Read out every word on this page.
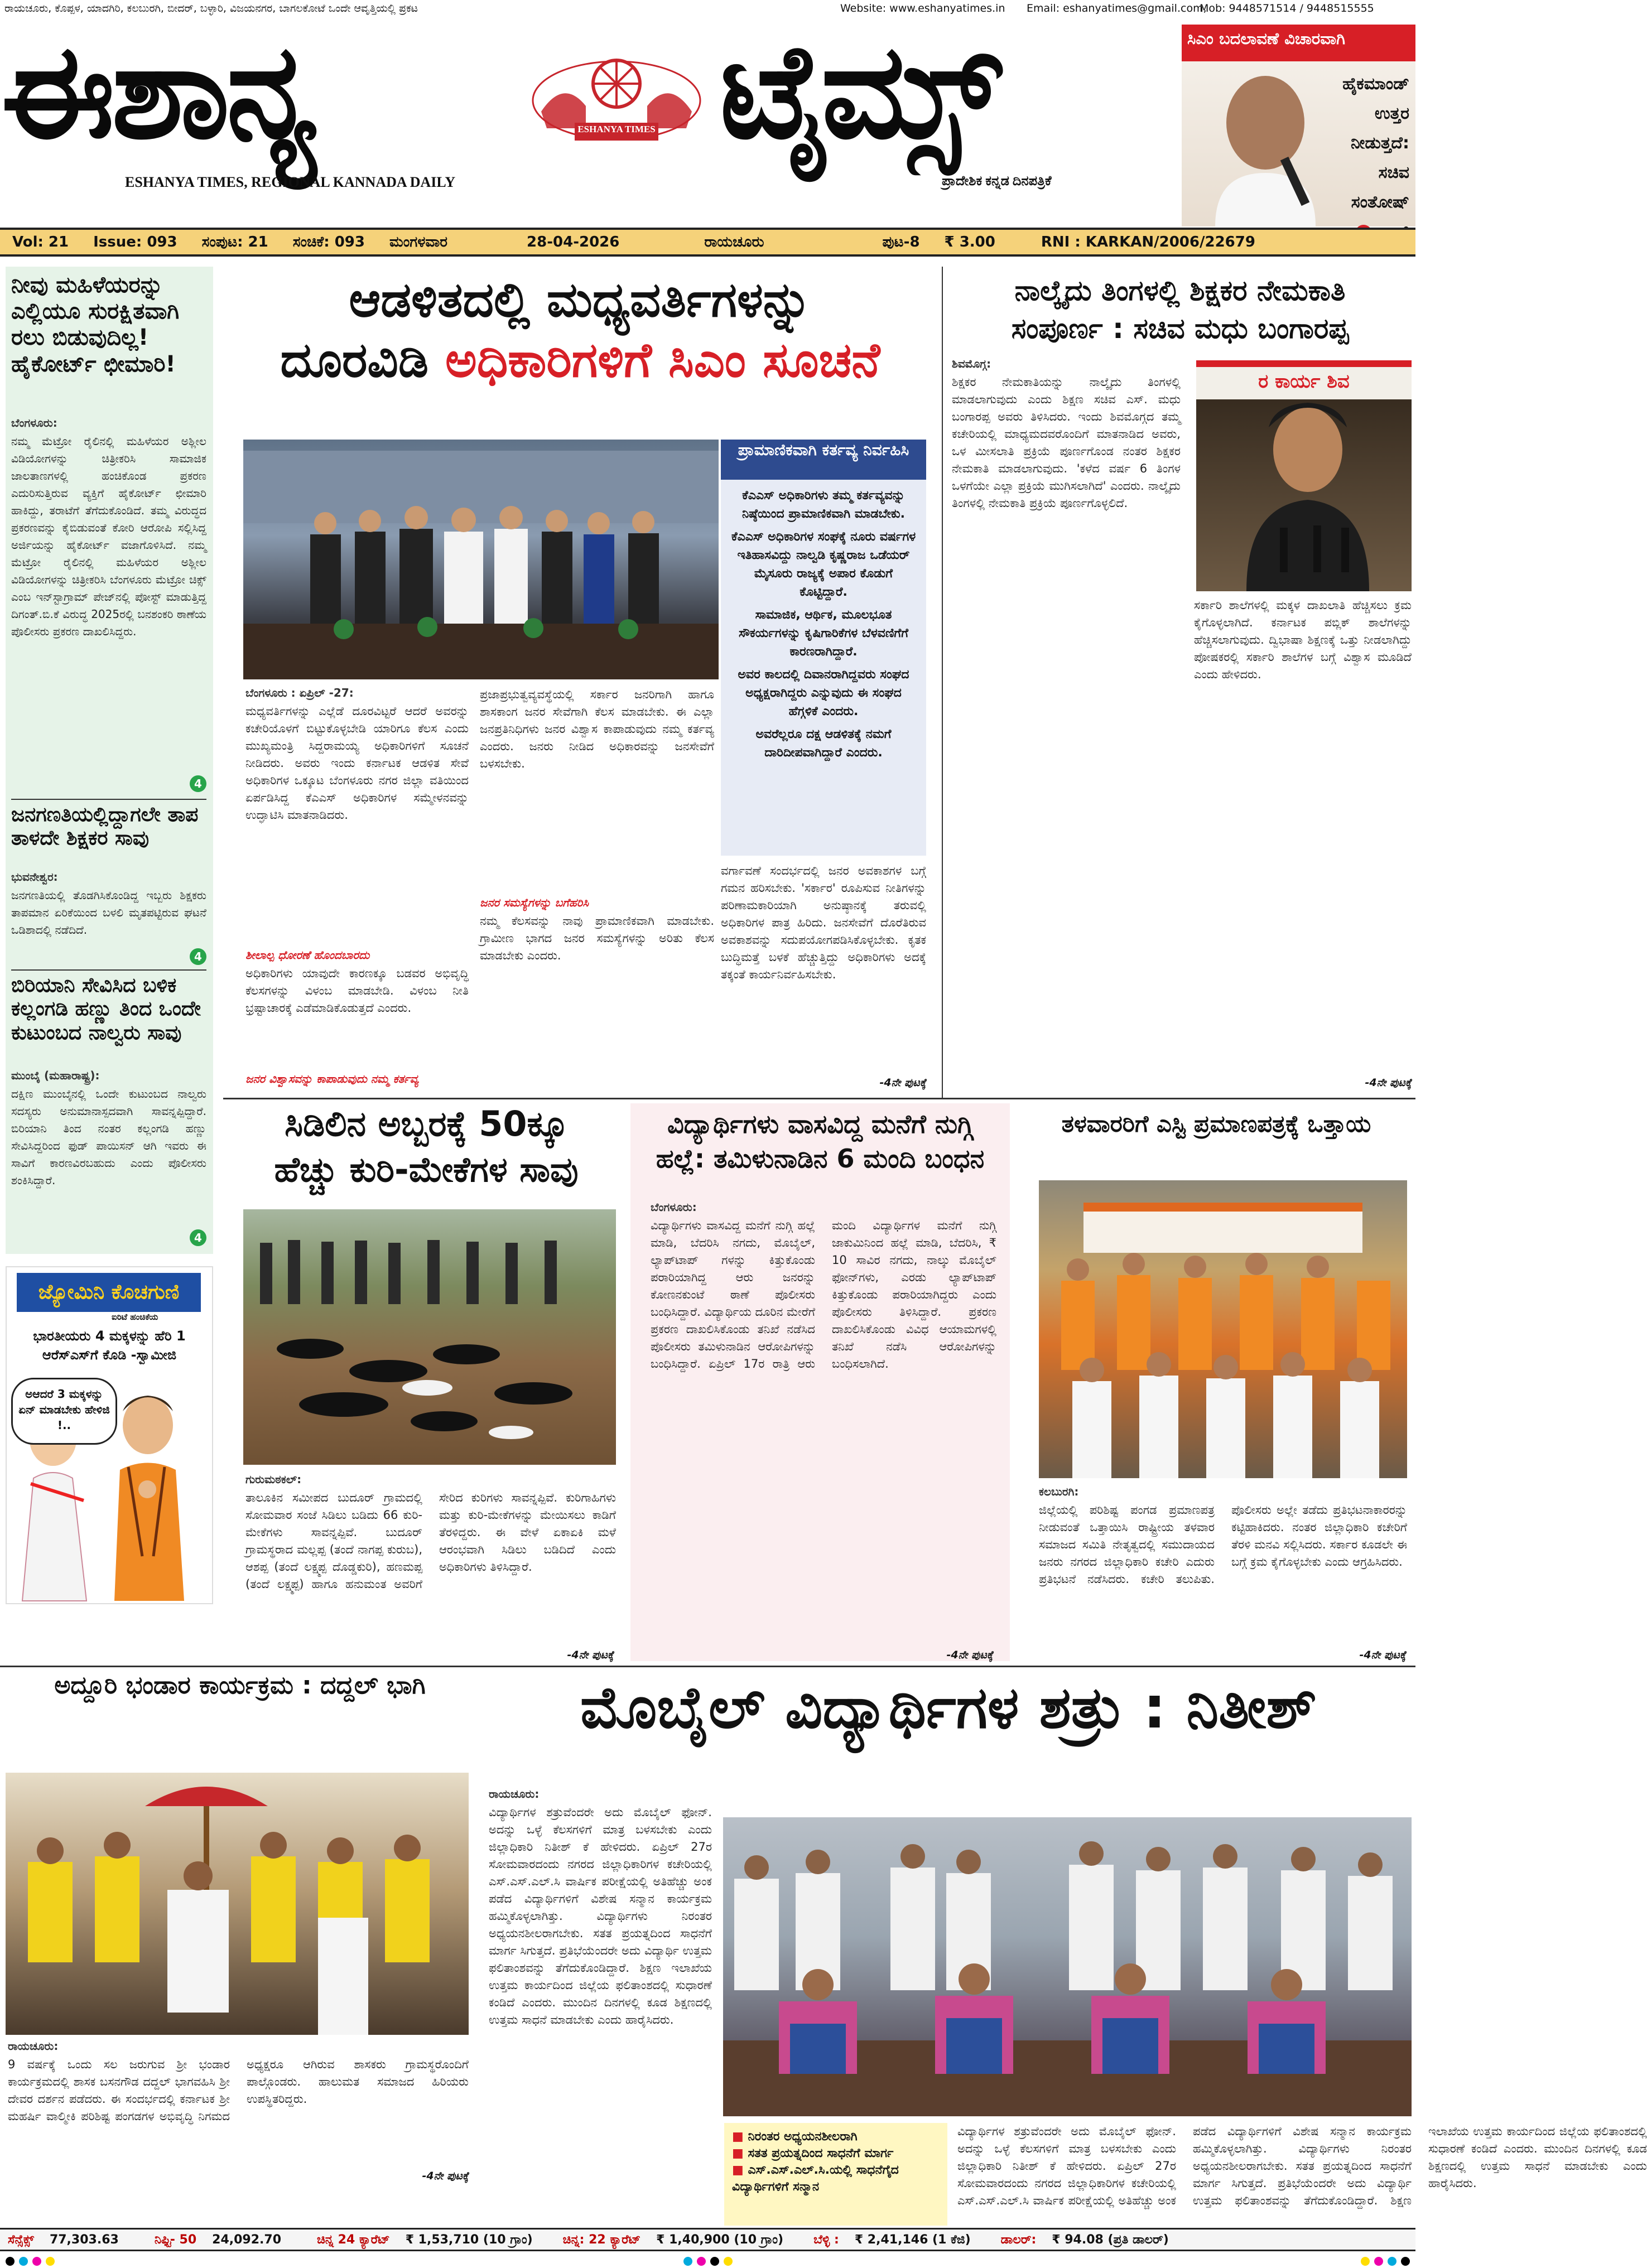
ರಾಯಚೂರು, ಕೊಪ್ಪಳ, ಯಾದಗಿರಿ, ಕಲಬುರಗಿ, ಬೀದರ್, ಬಳ್ಳಾರಿ, ವಿಜಯನಗರ, ಬಾಗಲಕೋಟೆ ಒಂದೇ ಆವೃತ್ತಿಯಲ್ಲಿ ಪ್ರಕಟ	Website: www.eshanyatimes.in Email: eshanyatimes@gmail.com,
Mob: 9448571514 / 9448515555
ಈಶಾನ್ಯ	ESHANYA TIMES ಟೈಮ್ಸ್
ESHANYA TIMES, REGIONAL KANNADA DAILY	ಪ್ರಾದೇಶಿಕ ಕನ್ನಡ ದಿನಪತ್ರಿಕೆ
ಸಿಎಂ ಬದಲಾವಣೆ ವಿಚಾರವಾಗಿ
ಹೈಕಮಾಂಡ್
ಉತ್ತರ
ನೀಡುತ್ತದೆ:
ಸಚಿವ
ಸಂತೋಷ್
Vol: 21	Issue: 093	ಸಂಪುಟ: 21	ಸಂಚಿಕೆ: 093	ಮಂಗಳವಾರ	28-04-2026	ರಾಯಚೂರು	ಪುಟ-8	₹ 3.00	RNI : KARKAN/2006/22679
ನೀವು ಮಹಿಳೆಯರನ್ನು ಎಲ್ಲಿಯೂ ಸುರಕ್ಷಿತವಾಗಿ ರಲು ಬಿಡುವುದಿಲ್ಲ! ಹೈಕೋರ್ಟ್ ಛೀಮಾರಿ!
ಬೆಂಗಳೂರು:
ನಮ್ಮ ಮೆಟ್ರೋ ರೈಲಿನಲ್ಲಿ ಮಹಿಳೆಯರ ಅಶ್ಲೀಲ ವಿಡಿಯೋಗಳನ್ನು ಚಿತ್ರೀಕರಿಸಿ ಸಾಮಾಜಿಕ ಜಾಲತಾಣಗಳಲ್ಲಿ ಹಂಚಿಕೊಂಡ ಪ್ರಕರಣ ಎದುರಿಸುತ್ತಿರುವ ವ್ಯಕ್ತಿಗೆ ಹೈಕೋರ್ಟ್ ಛೀಮಾರಿ ಹಾಕಿದ್ದು, ತರಾಟೆಗೆ ತೆಗೆದುಕೊಂಡಿದೆ. ತಮ್ಮ ವಿರುದ್ಧದ ಪ್ರಕರಣವನ್ನು ಕೈಬಿಡುವಂತೆ ಕೋರಿ ಆರೋಪಿ ಸಲ್ಲಿಸಿದ್ದ ಅರ್ಜಿಯನ್ನು ಹೈಕೋರ್ಟ್ ವಜಾಗೊಳಿಸಿದೆ. ನಮ್ಮ ಮೆಟ್ರೋ ರೈಲಿನಲ್ಲಿ ಮಹಿಳೆಯರ ಅಶ್ಲೀಲ ವಿಡಿಯೋಗಳನ್ನು ಚಿತ್ರೀಕರಿಸಿ ಬೆಂಗಳೂರು ಮೆಟ್ರೋ ಚಿಕ್ಸ್ ಎಂಬ ಇನ್‌ಸ್ಟಾಗ್ರಾಮ್ ಪೇಜ್‌ನಲ್ಲಿ ಪೋಸ್ಟ್ ಮಾಡುತ್ತಿದ್ದ ದಿಗಂತ್.ಬಿ.ಕೆ ವಿರುದ್ಧ 2025ರಲ್ಲಿ ಬನಶಂಕರಿ ಠಾಣೆಯ ಪೊಲೀಸರು ಪ್ರಕರಣ ದಾಖಲಿಸಿದ್ದರು.
4
ಜನಗಣತಿಯಲ್ಲಿದ್ದಾಗಲೇ ತಾಪ ತಾಳದೇ ಶಿಕ್ಷಕರ ಸಾವು
ಭುವನೇಶ್ವರ:
ಜನಗಣತಿಯಲ್ಲಿ ತೊಡಗಿಸಿಕೊಂಡಿದ್ದ ಇಬ್ಬರು ಶಿಕ್ಷಕರು ತಾಪಮಾನ ಏರಿಕೆಯಿಂದ ಬಳಲಿ ಮೃತಪಟ್ಟಿರುವ ಘಟನೆ ಒಡಿಶಾದಲ್ಲಿ ನಡೆದಿದೆ.
4
ಬಿರಿಯಾನಿ ಸೇವಿಸಿದ ಬಳಿಕ ಕಲ್ಲಂಗಡಿ ಹಣ್ಣು ತಿಂದ ಒಂದೇ ಕುಟುಂಬದ ನಾಲ್ವರು ಸಾವು
ಮುಂಬೈ (ಮಹಾರಾಷ್ಟ್ರ):
ದಕ್ಷಿಣ ಮುಂಬೈನಲ್ಲಿ ಒಂದೇ ಕುಟುಂಬದ ನಾಲ್ವರು ಸದಸ್ಯರು ಅನುಮಾನಾಸ್ಪದವಾಗಿ ಸಾವನ್ನಪ್ಪಿದ್ದಾರೆ. ಬಿರಿಯಾನಿ ತಿಂದ ನಂತರ ಕಲ್ಲಂಗಡಿ ಹಣ್ಣು ಸೇವಿಸಿದ್ದರಿಂದ ಫುಡ್ ಪಾಯಿಸನ್ ಆಗಿ ಇವರು ಈ ಸಾವಿಗೆ ಕಾರಣವಿರಬಹುದು ಎಂದು ಪೊಲೀಸರು ಶಂಕಿಸಿದ್ದಾರೆ.
4
ಜ್ಯೋಮಿನಿ ಕೊಚಗುಣಿ
ಐರಿಟೆ ಹಂಚಿಕೆಯ
ಭಾರತೀಯರು 4 ಮಕ್ಕಳನ್ನು ಹೆರಿ 1 ಆರೆಸ್‌ಎಸ್‌ಗೆ ಕೊಡಿ -ಸ್ವಾಮೀಜಿ
ಅಆದರೆ 3 ಮಕ್ಕಳನ್ನು ಏನ್ ಮಾಡಬೇಕು ಹೇಳಿಜಿ !..
ಆಡಳಿತದಲ್ಲಿ ಮಧ್ಯವರ್ತಿಗಳನ್ನು
ದೂರವಿಡಿ ಅಧಿಕಾರಿಗಳಿಗೆ ಸಿಎಂ ಸೂಚನೆ
ಪ್ರಾಮಾಣಿಕವಾಗಿ ಕರ್ತವ್ಯ ನಿರ್ವಹಿಸಿ

ಕೆಎಎಸ್ ಅಧಿಕಾರಿಗಳು ತಮ್ಮ ಕರ್ತವ್ಯವನ್ನು ನಿಷ್ಠೆಯಿಂದ ಪ್ರಾಮಾಣಿಕವಾಗಿ ಮಾಡಬೇಕು.

ಕೆಎಎಸ್ ಅಧಿಕಾರಿಗಳ ಸಂಘಕ್ಕೆ ನೂರು ವರ್ಷಗಳ ಇತಿಹಾಸವಿದ್ದು ನಾಲ್ವಡಿ ಕೃಷ್ಣರಾಜ ಒಡೆಯರ್ ಮೈಸೂರು ರಾಜ್ಯಕ್ಕೆ ಅಪಾರ ಕೊಡುಗೆ ಕೊಟ್ಟಿದ್ದಾರೆ.

ಸಾಮಾಜಿಕ, ಆರ್ಥಿಕ, ಮೂಲಭೂತ ಸೌಕರ್ಯಗಳನ್ನು ಕೃಷಿಗಾರಿಕೆಗಳ ಬೆಳವಣಿಗೆಗೆ ಕಾರಣರಾಗಿದ್ದಾರೆ.

ಅವರ ಕಾಲದಲ್ಲಿ ದಿವಾನರಾಗಿದ್ದವರು ಸಂಘದ ಅಧ್ಯಕ್ಷರಾಗಿದ್ದರು ಎನ್ನುವುದು ಈ ಸಂಘದ ಹೆಗ್ಗಳಿಕೆ ಎಂದರು.

ಅವರೆಲ್ಲರೂ ದಕ್ಷ ಆಡಳಿತಕ್ಕೆ ನಮಗೆ ದಾರಿದೀಪವಾಗಿದ್ದಾರೆ ಎಂದರು.

ಬೆಂಗಳೂರು : ಏಪ್ರಿಲ್ -27:
ಮಧ್ಯವರ್ತಿಗಳನ್ನು ಎಲ್ಲೆಡೆ ದೂರವಿಟ್ಟರೆ ಆದರೆ ಅವರನ್ನು ಕಚೇರಿಯೊಳಗೆ ಬಿಟ್ಟುಕೊಳ್ಳಬೇಡಿ ಯಾರಿಗೂ ಕೆಲಸ ಎಂದು ಮುಖ್ಯಮಂತ್ರಿ ಸಿದ್ದರಾಮಯ್ಯ ಅಧಿಕಾರಿಗಳಿಗೆ ಸೂಚನೆ ನೀಡಿದರು. ಅವರು ಇಂದು ಕರ್ನಾಟಕ ಆಡಳಿತ ಸೇವೆ ಅಧಿಕಾರಿಗಳ ಒಕ್ಕೂಟ ಬೆಂಗಳೂರು ನಗರ ಜಿಲ್ಲಾ ವತಿಯಿಂದ ಏರ್ಪಡಿಸಿದ್ದ ಕೆಎಎಸ್ ಅಧಿಕಾರಿಗಳ ಸಮ್ಮೇಳನವನ್ನು ಉದ್ಘಾಟಿಸಿ ಮಾತನಾಡಿದರು.
ಶೀಲಾಲ್ಪ ಧೋರಣೆ ಹೊಂದಬಾರದು
ಅಧಿಕಾರಿಗಳು ಯಾವುದೇ ಕಾರಣಕ್ಕೂ ಬಡವರ ಅಭಿವೃದ್ಧಿ ಕೆಲಸಗಳನ್ನು ವಿಳಂಬ ಮಾಡಬೇಡಿ. ವಿಳಂಬ ನೀತಿ ಭ್ರಷ್ಟಾಚಾರಕ್ಕೆ ಎಡೆಮಾಡಿಕೊಡುತ್ತದೆ ಎಂದರು.
ಜನರ ವಿಶ್ವಾಸವನ್ನು ಕಾಪಾಡುವುದು ನಮ್ಮ ಕರ್ತವ್ಯ
ಪ್ರಜಾಪ್ರಭುತ್ವವ್ಯವಸ್ಥೆಯಲ್ಲಿ ಸರ್ಕಾರ ಜನರಿಗಾಗಿ ಹಾಗೂ ಶಾಸಕಾಂಗ ಜನರ ಸೇವೆಗಾಗಿ ಕೆಲಸ ಮಾಡಬೇಕು. ಈ ಎಲ್ಲಾ ಜನಪ್ರತಿನಿಧಿಗಳು ಜನರ ವಿಶ್ವಾಸ ಕಾಪಾಡುವುದು ನಮ್ಮ ಕರ್ತವ್ಯ ಎಂದರು. ಜನರು ನೀಡಿದ ಅಧಿಕಾರವನ್ನು ಜನಸೇವೆಗೆ ಬಳಸಬೇಕು.
ಜನರ ಸಮಸ್ಯೆಗಳನ್ನು ಬಗೆಹರಿಸಿ
ನಮ್ಮ ಕೆಲಸವನ್ನು ನಾವು ಪ್ರಾಮಾಣಿಕವಾಗಿ ಮಾಡಬೇಕು. ಗ್ರಾಮೀಣ ಭಾಗದ ಜನರ ಸಮಸ್ಯೆಗಳನ್ನು ಅರಿತು ಕೆಲಸ ಮಾಡಬೇಕು ಎಂದರು.
ವರ್ಗಾವಣೆ ಸಂದರ್ಭದಲ್ಲಿ ಜನರ ಅವಕಾಶಗಳ ಬಗ್ಗೆ ಗಮನ ಹರಿಸಬೇಕು. 'ಸರ್ಕಾರ' ರೂಪಿಸುವ ನೀತಿಗಳನ್ನು ಪರಿಣಾಮಕಾರಿಯಾಗಿ ಅನುಷ್ಠಾನಕ್ಕೆ ತರುವಲ್ಲಿ ಅಧಿಕಾರಿಗಳ ಪಾತ್ರ ಹಿರಿದು. ಜನಸೇವೆಗೆ ದೊರೆತಿರುವ ಅವಕಾಶವನ್ನು ಸದುಪಯೋಗಪಡಿಸಿಕೊಳ್ಳಬೇಕು. ಕೃತಕ ಬುದ್ಧಿಮತ್ತೆ ಬಳಕೆ ಹೆಚ್ಚುತ್ತಿದ್ದು ಅಧಿಕಾರಿಗಳು ಅದಕ್ಕೆ ತಕ್ಕಂತೆ ಕಾರ್ಯನಿರ್ವಹಿಸಬೇಕು.
-4ನೇ ಪುಟಕ್ಕೆ
ನಾಲ್ಕೈದು ತಿಂಗಳಲ್ಲಿ ಶಿಕ್ಷಕರ ನೇಮಕಾತಿ
ಸಂಪೂರ್ಣ : ಸಚಿವ ಮಧು ಬಂಗಾರಪ್ಪ
ಶಿವಮೊಗ್ಗ:
ಶಿಕ್ಷಕರ ನೇಮಕಾತಿಯನ್ನು ನಾಲ್ಕೈದು ತಿಂಗಳಲ್ಲಿ ಮಾಡಲಾಗುವುದು ಎಂದು ಶಿಕ್ಷಣ ಸಚಿವ ಎಸ್. ಮಧು ಬಂಗಾರಪ್ಪ ಅವರು ತಿಳಿಸಿದರು. ಇಂದು ಶಿವಮೊಗ್ಗದ ತಮ್ಮ ಕಚೇರಿಯಲ್ಲಿ ಮಾಧ್ಯಮದವರೊಂದಿಗೆ ಮಾತನಾಡಿದ ಅವರು, ಒಳ ಮೀಸಲಾತಿ ಪ್ರಕ್ರಿಯೆ ಪೂರ್ಣಗೊಂಡ ನಂತರ ಶಿಕ್ಷಕರ ನೇಮಕಾತಿ ಮಾಡಲಾಗುವುದು. 'ಕಳೆದ ವರ್ಷ 6 ತಿಂಗಳ ಒಳಗೆಯೇ ಎಲ್ಲಾ ಪ್ರಕ್ರಿಯೆ ಮುಗಿಸಲಾಗಿದೆ' ಎಂದರು. ನಾಲ್ಕೈದು ತಿಂಗಳಲ್ಲಿ ನೇಮಕಾತಿ ಪ್ರಕ್ರಿಯೆ ಪೂರ್ಣಗೊಳ್ಳಲಿದೆ.
ರ ಕಾರ್ಯ ಶಿವ
ಸರ್ಕಾರಿ ಶಾಲೆಗಳಲ್ಲಿ ಮಕ್ಕಳ ದಾಖಲಾತಿ ಹೆಚ್ಚಿಸಲು ಕ್ರಮ ಕೈಗೊಳ್ಳಲಾಗಿದೆ. ಕರ್ನಾಟಕ ಪಬ್ಲಿಕ್ ಶಾಲೆಗಳನ್ನು ಹೆಚ್ಚಿಸಲಾಗುವುದು. ದ್ವಿಭಾಷಾ ಶಿಕ್ಷಣಕ್ಕೆ ಒತ್ತು ನೀಡಲಾಗಿದ್ದು ಪೋಷಕರಲ್ಲಿ ಸರ್ಕಾರಿ ಶಾಲೆಗಳ ಬಗ್ಗೆ ವಿಶ್ವಾಸ ಮೂಡಿದೆ ಎಂದು ಹೇಳಿದರು.
-4ನೇ ಪುಟಕ್ಕೆ
ಸಿಡಿಲಿನ ಅಬ್ಬರಕ್ಕೆ 50ಕ್ಕೂ
ಹೆಚ್ಚು ಕುರಿ-ಮೇಕೆಗಳ ಸಾವು
ಗುರುಮಠಕಲ್:
ತಾಲೂಕಿನ ಸಮೀಪದ ಬುದೂರ್ ಗ್ರಾಮದಲ್ಲಿ ಸೋಮವಾರ ಸಂಜೆ ಸಿಡಿಲು ಬಡಿದು 66 ಕುರಿ-ಮೇಕೆಗಳು ಸಾವನ್ನಪ್ಪಿವೆ. ಬುದೂರ್ ಗ್ರಾಮಸ್ಥರಾದ ಮಲ್ಲಪ್ಪ (ತಂದೆ ನಾಗಪ್ಪ ಕುರುಬ), ಆಶಪ್ಪ (ತಂದೆ ಲಕ್ಷ್ಮಪ್ಪ ದೊಡ್ಡಕುರಿ), ಹಣಮಪ್ಪ (ತಂದೆ ಲಕ್ಷ್ಮಪ್ಪ) ಹಾಗೂ ಹನುಮಂತ ಅವರಿಗೆ ಸೇರಿದ ಕುರಿಗಳು ಸಾವನ್ನಪ್ಪಿವೆ. ಕುರಿಗಾಹಿಗಳು ಮತ್ತು ಕುರಿ-ಮೇಕೆಗಳನ್ನು ಮೇಯಿಸಲು ಕಾಡಿಗೆ ತೆರಳಿದ್ದರು. ಈ ವೇಳೆ ಏಕಾಏಕಿ ಮಳೆ ಆರಂಭವಾಗಿ ಸಿಡಿಲು ಬಡಿದಿದೆ ಎಂದು ಅಧಿಕಾರಿಗಳು ತಿಳಿಸಿದ್ದಾರೆ.
-4ನೇ ಪುಟಕ್ಕೆ
ವಿದ್ಯಾರ್ಥಿಗಳು ವಾಸವಿದ್ದ ಮನೆಗೆ ನುಗ್ಗಿ
ಹಲ್ಲೆ: ತಮಿಳುನಾಡಿನ 6 ಮಂದಿ ಬಂಧನ
ಬೆಂಗಳೂರು:
ವಿದ್ಯಾರ್ಥಿಗಳು ವಾಸವಿದ್ದ ಮನೆಗೆ ನುಗ್ಗಿ ಹಲ್ಲೆ ಮಾಡಿ, ಬೆದರಿಸಿ ನಗದು, ಮೊಬೈಲ್, ಲ್ಯಾಪ್‌ಟಾಪ್ ಗಳನ್ನು ಕಿತ್ತುಕೊಂಡು ಪರಾರಿಯಾಗಿದ್ದ ಆರು ಜನರನ್ನು ಕೋಣನಕುಂಟೆ ಠಾಣೆ ಪೊಲೀಸರು ಬಂಧಿಸಿದ್ದಾರೆ. ವಿದ್ಯಾರ್ಥಿಯ ದೂರಿನ ಮೇರೆಗೆ ಪ್ರಕರಣ ದಾಖಲಿಸಿಕೊಂಡು ತನಿಖೆ ನಡೆಸಿದ ಪೊಲೀಸರು ತಮಿಳುನಾಡಿನ ಆರೋಪಿಗಳನ್ನು ಬಂಧಿಸಿದ್ದಾರೆ. ಏಪ್ರಿಲ್ 17ರ ರಾತ್ರಿ ಆರು ಮಂದಿ ವಿದ್ಯಾರ್ಥಿಗಳ ಮನೆಗೆ ನುಗ್ಗಿ ಜಾಕುಮಿನಿಂದ ಹಲ್ಲೆ ಮಾಡಿ, ಬೆದರಿಸಿ, ₹ 10 ಸಾವಿರ ನಗದು, ನಾಲ್ಕು ಮೊಬೈಲ್ ಫೋನ್‌ಗಳು, ಎರಡು ಲ್ಯಾಪ್‌ಟಾಪ್ ಕಿತ್ತುಕೊಂಡು ಪರಾರಿಯಾಗಿದ್ದರು ಎಂದು ಪೊಲೀಸರು ತಿಳಿಸಿದ್ದಾರೆ. ಪ್ರಕರಣ ದಾಖಲಿಸಿಕೊಂಡು ವಿವಿಧ ಆಯಾಮಗಳಲ್ಲಿ ತನಿಖೆ ನಡೆಸಿ ಆರೋಪಿಗಳನ್ನು ಬಂಧಿಸಲಾಗಿದೆ.
-4ನೇ ಪುಟಕ್ಕೆ
ತಳವಾರರಿಗೆ ಎಸ್ಟಿ ಪ್ರಮಾಣಪತ್ರಕ್ಕೆ ಒತ್ತಾಯ
ಕಲಬುರಗಿ:
ಜಿಲ್ಲೆಯಲ್ಲಿ ಪರಿಶಿಷ್ಟ ಪಂಗಡ ಪ್ರಮಾಣಪತ್ರ ನೀಡುವಂತೆ ಒತ್ತಾಯಿಸಿ ರಾಷ್ಟ್ರೀಯ ತಳವಾರ ಸಮಾಜದ ಸಮಿತಿ ನೇತೃತ್ವದಲ್ಲಿ ಸಮುದಾಯದ ಜನರು ನಗರದ ಜಿಲ್ಲಾಧಿಕಾರಿ ಕಚೇರಿ ಎದುರು ಪ್ರತಿಭಟನೆ ನಡೆಸಿದರು. ಕಚೇರಿ ತಲುಪಿತು. ಪೊಲೀಸರು ಅಲ್ಲೇ ತಡೆದು ಪ್ರತಿಭಟನಾಕಾರರನ್ನು ಕಟ್ಟಿಹಾಕಿದರು. ನಂತರ ಜಿಲ್ಲಾಧಿಕಾರಿ ಕಚೇರಿಗೆ ತೆರಳಿ ಮನವಿ ಸಲ್ಲಿಸಿದರು. ಸರ್ಕಾರ ಕೂಡಲೇ ಈ ಬಗ್ಗೆ ಕ್ರಮ ಕೈಗೊಳ್ಳಬೇಕು ಎಂದು ಆಗ್ರಹಿಸಿದರು.
-4ನೇ ಪುಟಕ್ಕೆ
ಅದ್ದೂರಿ ಭಂಡಾರ ಕಾರ್ಯಕ್ರಮ : ದದ್ದಲ್ ಭಾಗಿ
ರಾಯಚೂರು:
9 ವರ್ಷಕ್ಕೆ ಒಂದು ಸಲ ಜರುಗುವ ಶ್ರೀ ಭಂಡಾರ ಕಾರ್ಯಕ್ರಮದಲ್ಲಿ ಶಾಸಕ ಬಸನಗೌಡ ದದ್ದಲ್ ಭಾಗವಹಿಸಿ ಶ್ರೀ ದೇವರ ದರ್ಶನ ಪಡೆದರು. ಈ ಸಂದರ್ಭದಲ್ಲಿ ಕರ್ನಾಟಕ ಶ್ರೀ ಮಹರ್ಷಿ ವಾಲ್ಮೀಕಿ ಪರಿಶಿಷ್ಟ ಪಂಗಡಗಳ ಅಭಿವೃದ್ಧಿ ನಿಗಮದ ಅಧ್ಯಕ್ಷರೂ ಆಗಿರುವ ಶಾಸಕರು ಗ್ರಾಮಸ್ಥರೊಂದಿಗೆ ಪಾಲ್ಗೊಂಡರು. ಹಾಲುಮತ ಸಮಾಜದ ಹಿರಿಯರು ಉಪಸ್ಥಿತರಿದ್ದರು.
-4ನೇ ಪುಟಕ್ಕೆ
ಮೊಬೈಲ್ ವಿದ್ಯಾರ್ಥಿಗಳ ಶತ್ರು : ನಿತೀಶ್
ರಾಯಚೂರು:
ವಿದ್ಯಾರ್ಥಿಗಳ ಶತ್ರುವೆಂದರೇ ಅದು ಮೊಬೈಲ್ ಫೋನ್. ಅದನ್ನು ಒಳ್ಳೆ ಕೆಲಸಗಳಿಗೆ ಮಾತ್ರ ಬಳಸಬೇಕು ಎಂದು ಜಿಲ್ಲಾಧಿಕಾರಿ ನಿತೀಶ್ ಕೆ ಹೇಳಿದರು. ಏಪ್ರಿಲ್ 27ರ ಸೋಮವಾರದಂದು ನಗರದ ಜಿಲ್ಲಾಧಿಕಾರಿಗಳ ಕಚೇರಿಯಲ್ಲಿ ಎಸ್.ಎಸ್.ಎಲ್.ಸಿ ವಾರ್ಷಿಕ ಪರೀಕ್ಷೆಯಲ್ಲಿ ಅತಿಹೆಚ್ಚು ಅಂಕ ಪಡೆದ ವಿದ್ಯಾರ್ಥಿಗಳಿಗೆ ವಿಶೇಷ ಸನ್ಮಾನ ಕಾರ್ಯಕ್ರಮ ಹಮ್ಮಿಕೊಳ್ಳಲಾಗಿತ್ತು. ವಿದ್ಯಾರ್ಥಿಗಳು ನಿರಂತರ ಅಧ್ಯಯನಶೀಲರಾಗಬೇಕು. ಸತತ ಪ್ರಯತ್ನದಿಂದ ಸಾಧನೆಗೆ ಮಾರ್ಗ ಸಿಗುತ್ತದೆ. ಪ್ರತಿಭೆಯೆಂದರೇ ಅದು ವಿದ್ಯಾರ್ಥಿ ಉತ್ತಮ ಫಲಿತಾಂಶವನ್ನು ತೆಗೆದುಕೊಂಡಿದ್ದಾರೆ. ಶಿಕ್ಷಣ ಇಲಾಖೆಯ ಉತ್ತಮ ಕಾರ್ಯದಿಂದ ಜಿಲ್ಲೆಯ ಫಲಿತಾಂಶದಲ್ಲಿ ಸುಧಾರಣೆ ಕಂಡಿದೆ ಎಂದರು. ಮುಂದಿನ ದಿನಗಳಲ್ಲಿ ಕೂಡ ಶಿಕ್ಷಣದಲ್ಲಿ ಉತ್ತಮ ಸಾಧನೆ ಮಾಡಬೇಕು ಎಂದು ಹಾರೈಸಿದರು.
■ ನಿರಂತರ ಅಧ್ಯಯನಶೀಲರಾಗಿ
■ ಸತತ ಪ್ರಯತ್ನದಿಂದ ಸಾಧನೆಗೆ ಮಾರ್ಗ
■ ಎಸ್.ಎಸ್.ಎಲ್.ಸಿ.ಯಲ್ಲಿ ಸಾಧನೆಗೈದ ವಿದ್ಯಾರ್ಥಿಗಳಿಗೆ ಸನ್ಮಾನ
ವಿದ್ಯಾರ್ಥಿಗಳ ಶತ್ರುವೆಂದರೇ ಅದು ಮೊಬೈಲ್ ಫೋನ್. ಅದನ್ನು ಒಳ್ಳೆ ಕೆಲಸಗಳಿಗೆ ಮಾತ್ರ ಬಳಸಬೇಕು ಎಂದು ಜಿಲ್ಲಾಧಿಕಾರಿ ನಿತೀಶ್ ಕೆ ಹೇಳಿದರು. ಏಪ್ರಿಲ್ 27ರ ಸೋಮವಾರದಂದು ನಗರದ ಜಿಲ್ಲಾಧಿಕಾರಿಗಳ ಕಚೇರಿಯಲ್ಲಿ ಎಸ್.ಎಸ್.ಎಲ್.ಸಿ ವಾರ್ಷಿಕ ಪರೀಕ್ಷೆಯಲ್ಲಿ ಅತಿಹೆಚ್ಚು ಅಂಕ ಪಡೆದ ವಿದ್ಯಾರ್ಥಿಗಳಿಗೆ ವಿಶೇಷ ಸನ್ಮಾನ ಕಾರ್ಯಕ್ರಮ ಹಮ್ಮಿಕೊಳ್ಳಲಾಗಿತ್ತು. ವಿದ್ಯಾರ್ಥಿಗಳು ನಿರಂತರ ಅಧ್ಯಯನಶೀಲರಾಗಬೇಕು. ಸತತ ಪ್ರಯತ್ನದಿಂದ ಸಾಧನೆಗೆ ಮಾರ್ಗ ಸಿಗುತ್ತದೆ. ಪ್ರತಿಭೆಯೆಂದರೇ ಅದು ವಿದ್ಯಾರ್ಥಿ ಉತ್ತಮ ಫಲಿತಾಂಶವನ್ನು ತೆಗೆದುಕೊಂಡಿದ್ದಾರೆ. ಶಿಕ್ಷಣ ಇಲಾಖೆಯ ಉತ್ತಮ ಕಾರ್ಯದಿಂದ ಜಿಲ್ಲೆಯ ಫಲಿತಾಂಶದಲ್ಲಿ ಸುಧಾರಣೆ ಕಂಡಿದೆ ಎಂದರು. ಮುಂದಿನ ದಿನಗಳಲ್ಲಿ ಕೂಡ ಶಿಕ್ಷಣದಲ್ಲಿ ಉತ್ತಮ ಸಾಧನೆ ಮಾಡಬೇಕು ಎಂದು ಹಾರೈಸಿದರು.
ಸೆನ್ಸೆಕ್ಸ್	77,303.63	ನಿಫ್ಟಿ- 50	24,092.70	ಚಿನ್ನ 24 ಕ್ಯಾರೆಟ್	₹ 1,53,710 (10 ಗ್ರಾಂ)	ಚಿನ್ನ: 22 ಕ್ಯಾರೆಟ್	₹ 1,40,900 (10 ಗ್ರಾಂ)	ಬೆಳ್ಳಿ :	₹ 2,41,146 (1 ಕೆಜಿ)	ಡಾಲರ್:	₹ 94.08 (ಪ್ರತಿ ಡಾಲರ್)
